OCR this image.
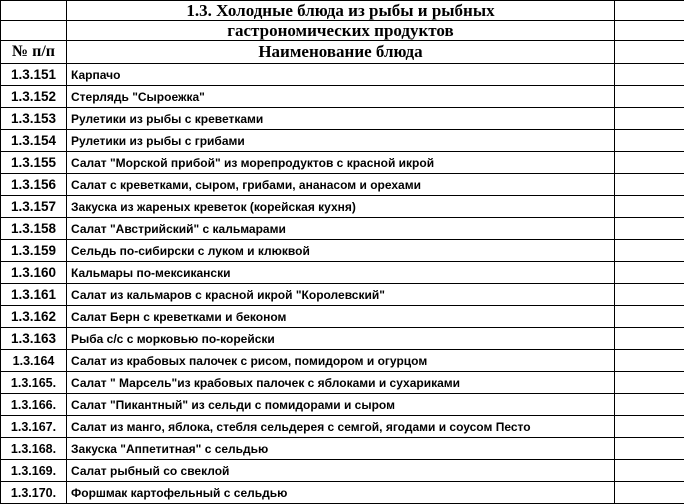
	1.3. Холодные блюда из рыбы и рыбных	
	гастрономических продуктов	
№ п/п	Наименование блюда	
1.3.151	Карпачо	
1.3.152	Стерлядь "Сыроежка"	
1.3.153	Рулетики из рыбы с креветками	
1.3.154	Рулетики из рыбы с грибами	
1.3.155	Салат "Морской прибой" из морепродуктов с красной икрой	
1.3.156	Салат с креветками, сыром, грибами, ананасом и орехами	
1.3.157	Закуска из жареных креветок (корейская кухня)	
1.3.158	Салат "Австрийский" с кальмарами	
1.3.159	Сельдь по-сибирски с луком и клюквой	
1.3.160	Кальмары по-мексикански	
1.3.161	Салат из кальмаров с красной икрой "Королевский"	
1.3.162	Салат Берн с креветками и беконом	
1.3.163	Рыба с/с с морковью по-корейски	
1.3.164	Салат из крабовых палочек с рисом, помидором и огурцом	
1.3.165.	Салат " Марсель"из крабовых палочек с яблоками и сухариками	
1.3.166.	Салат "Пикантный" из сельди с помидорами и сыром	
1.3.167.	Салат из манго, яблока, стебля сельдерея с семгой, ягодами и соусом Песто	
1.3.168.	Закуска "Аппетитная" с сельдью	
1.3.169.	Салат рыбный со свеклой	
1.3.170.	Форшмак картофельный с сельдью	
